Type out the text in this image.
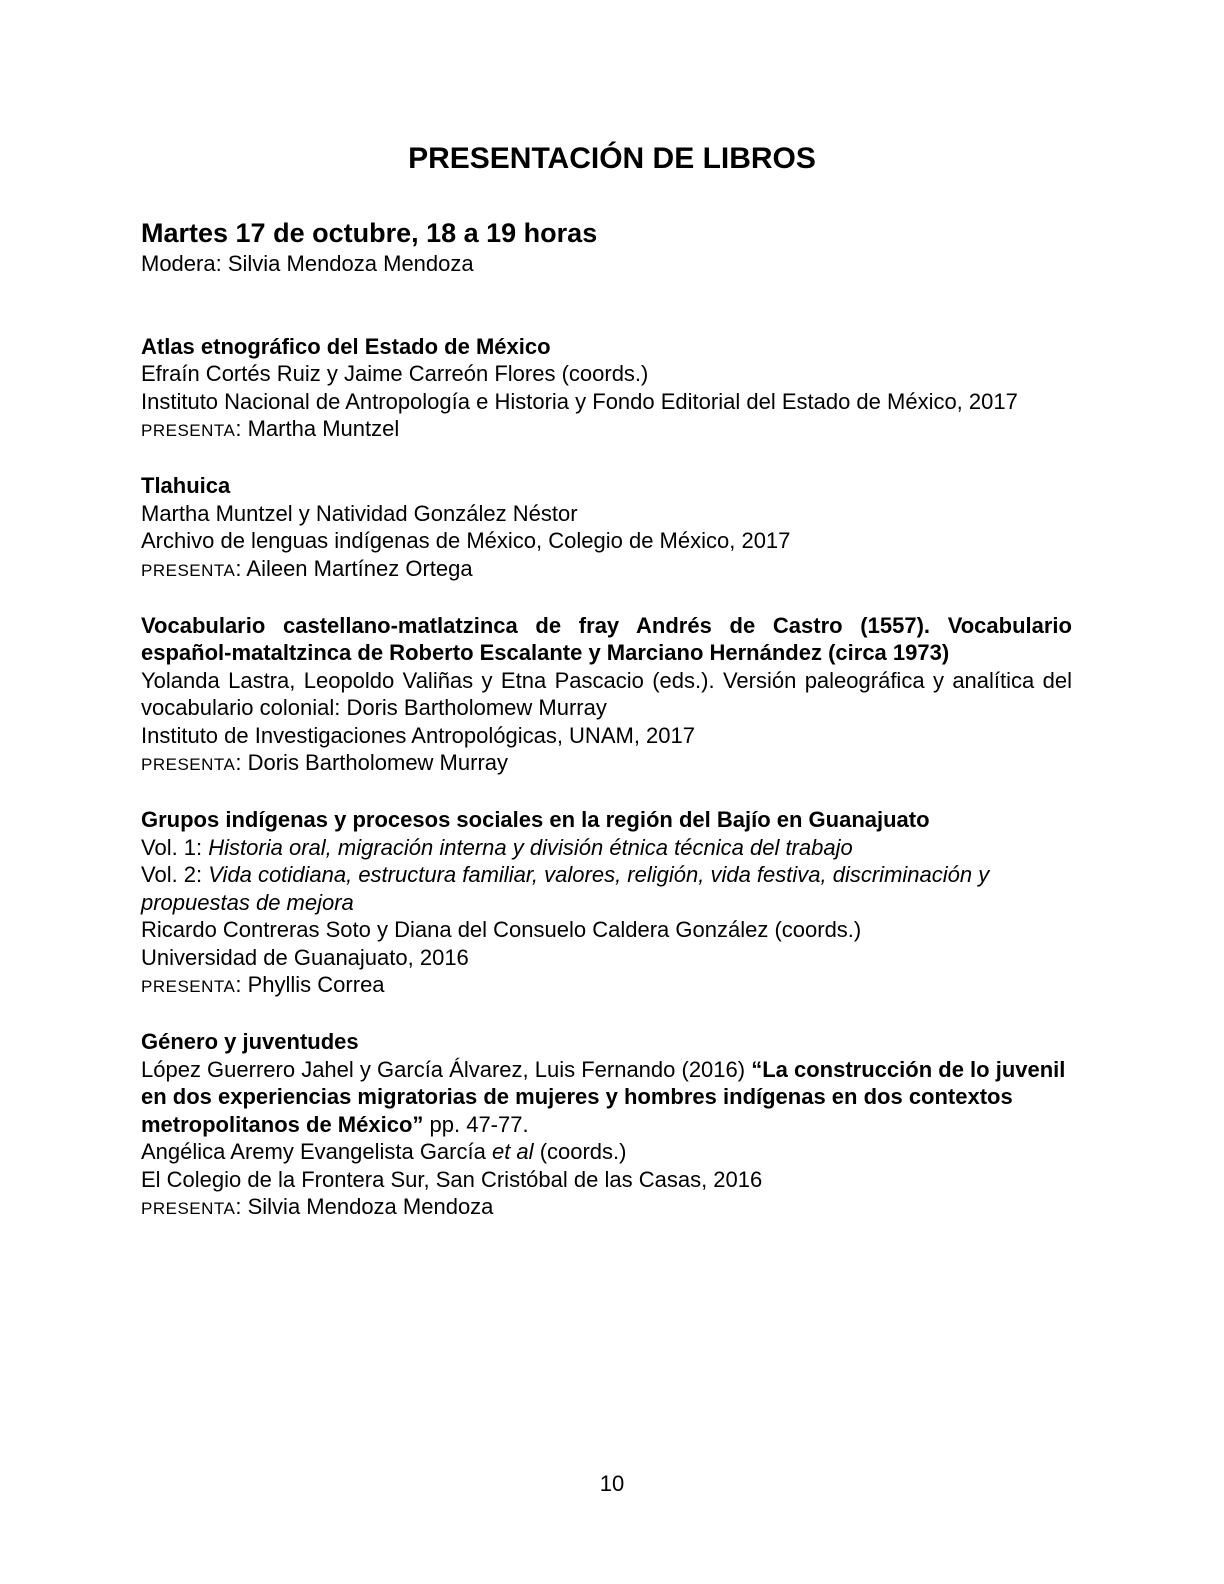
PRESENTACIÓN DE LIBROS
Martes 17 de octubre, 18 a 19 horas
Modera: Silvia Mendoza Mendoza
Atlas etnográfico del Estado de México
Efraín Cortés Ruiz y Jaime Carreón Flores (coords.)
Instituto Nacional de Antropología e Historia y Fondo Editorial del Estado de México, 2017
PRESENTA: Martha Muntzel
Tlahuica
Martha Muntzel y Natividad González Néstor
Archivo de lenguas indígenas de México, Colegio de México, 2017
PRESENTA: Aileen Martínez Ortega
Vocabulario castellano-matlatzinca de fray Andrés de Castro (1557). Vocabulario español-mataltzinca de Roberto Escalante y Marciano Hernández (circa 1973)
Yolanda Lastra, Leopoldo Valiñas y Etna Pascacio (eds.). Versión paleográfica y analítica del vocabulario colonial: Doris Bartholomew Murray
Instituto de Investigaciones Antropológicas, UNAM, 2017
PRESENTA: Doris Bartholomew Murray
Grupos indígenas y procesos sociales en la región del Bajío en Guanajuato
Vol. 1: Historia oral, migración interna y división étnica técnica del trabajo
Vol. 2: Vida cotidiana, estructura familiar, valores, religión, vida festiva, discriminación y propuestas de mejora
Ricardo Contreras Soto y Diana del Consuelo Caldera González (coords.)
Universidad de Guanajuato, 2016
PRESENTA: Phyllis Correa
Género y juventudes
López Guerrero Jahel y García Álvarez, Luis Fernando (2016) “La construcción de lo juvenil en dos experiencias migratorias de mujeres y hombres indígenas en dos contextos metropolitanos de México” pp. 47-77.
Angélica Aremy Evangelista García et al (coords.)
El Colegio de la Frontera Sur, San Cristóbal de las Casas, 2016
PRESENTA: Silvia Mendoza Mendoza
10
